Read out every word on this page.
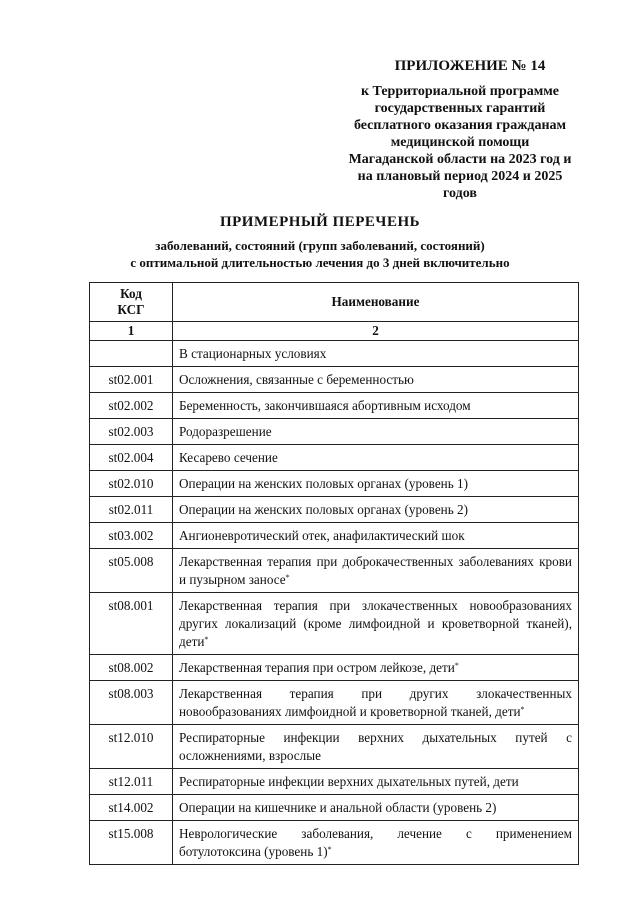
ПРИЛОЖЕНИЕ № 14
к Территориальной программе
государственных гарантий
бесплатного оказания гражданам
медицинской помощи
Магаданской области на 2023 год и
на плановый период 2024 и 2025
годов
ПРИМЕРНЫЙ ПЕРЕЧЕНЬ
заболеваний, состояний (групп заболеваний, состояний)
с оптимальной длительностью лечения до 3 дней включительно
Код
КСГ	Наименование
1	2
	В стационарных условиях
st02.001	Осложнения, связанные с беременностью
st02.002	Беременность, закончившаяся абортивным исходом
st02.003	Родоразрешение
st02.004	Кесарево сечение
st02.010	Операции на женских половых органах (уровень 1)
st02.011	Операции на женских половых органах (уровень 2)
st03.002	Ангионевротический отек, анафилактический шок
st05.008	Лекарственная терапия при доброкачественных заболеваниях крови и пузырном заносе*
st08.001	Лекарственная терапия при злокачественных новообразованиях других локализаций (кроме лимфоидной и кроветворной тканей), дети*
st08.002	Лекарственная терапия при остром лейкозе, дети*
st08.003	Лекарственная терапия при других злокачественных новообразованиях лимфоидной и кроветворной тканей, дети*
st12.010	Респираторные инфекции верхних дыхательных путей с осложнениями, взрослые
st12.011	Респираторные инфекции верхних дыхательных путей, дети
st14.002	Операции на кишечнике и анальной области (уровень 2)
st15.008	Неврологические заболевания, лечение с применением ботулотоксина (уровень 1)*
